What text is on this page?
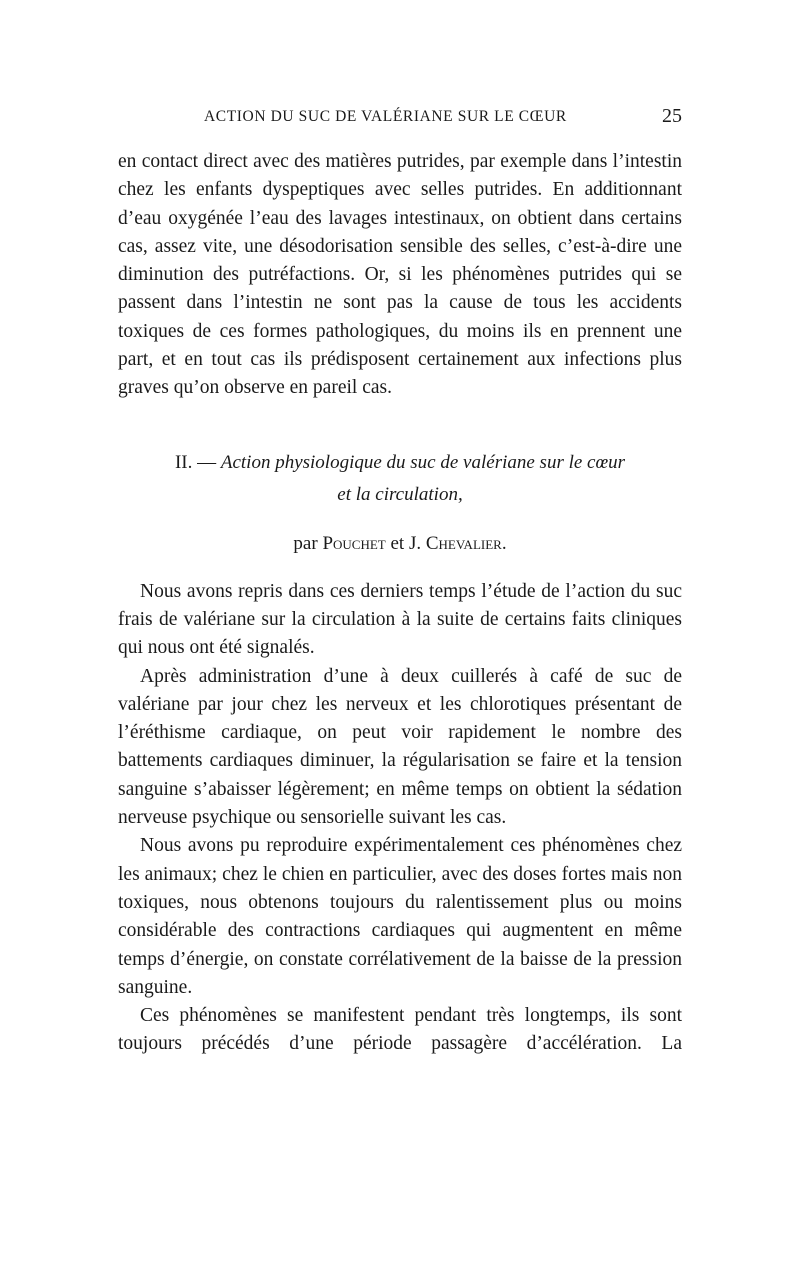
ACTION DU SUC DE VALÉRIANE SUR LE CŒUR	25

en contact direct avec des matières putrides, par exemple dans l’intestin chez les enfants dyspeptiques avec selles putrides. En additionnant d’eau oxygénée l’eau des lavages intestinaux, on obtient dans certains cas, assez vite, une désodorisation sensible des selles, c’est-à-dire une diminution des putréfactions. Or, si les phénomènes putrides qui se passent dans l’intestin ne sont pas la cause de tous les accidents toxiques de ces formes pathologiques, du moins ils en prennent une part, et en tout cas ils prédisposent certainement aux infections plus graves qu’on observe en pareil cas.

II. — Action physiologique du suc de valériane sur le cœur
et la circulation,
par Pouchet et J. Chevalier.

Nous avons repris dans ces derniers temps l’étude de l’action du suc frais de valériane sur la circulation à la suite de certains faits cliniques qui nous ont été signalés.

Après administration d’une à deux cuillerés à café de suc de valériane par jour chez les nerveux et les chlorotiques présentant de l’éréthisme cardiaque, on peut voir rapidement le nombre des battements cardiaques diminuer, la régularisation se faire et la tension sanguine s’abaisser légèrement; en même temps on obtient la sédation nerveuse psychique ou sensorielle suivant les cas.

Nous avons pu reproduire expérimentalement ces phénomènes chez les animaux; chez le chien en particulier, avec des doses fortes mais non toxiques, nous obtenons toujours du ralentissement plus ou moins considérable des contractions cardiaques qui augmentent en même temps d’énergie, on constate corrélativement de la baisse de la pression sanguine.

Ces phénomènes se manifestent pendant très longtemps, ils sont toujours précédés d’une période passagère d’accélération. La
